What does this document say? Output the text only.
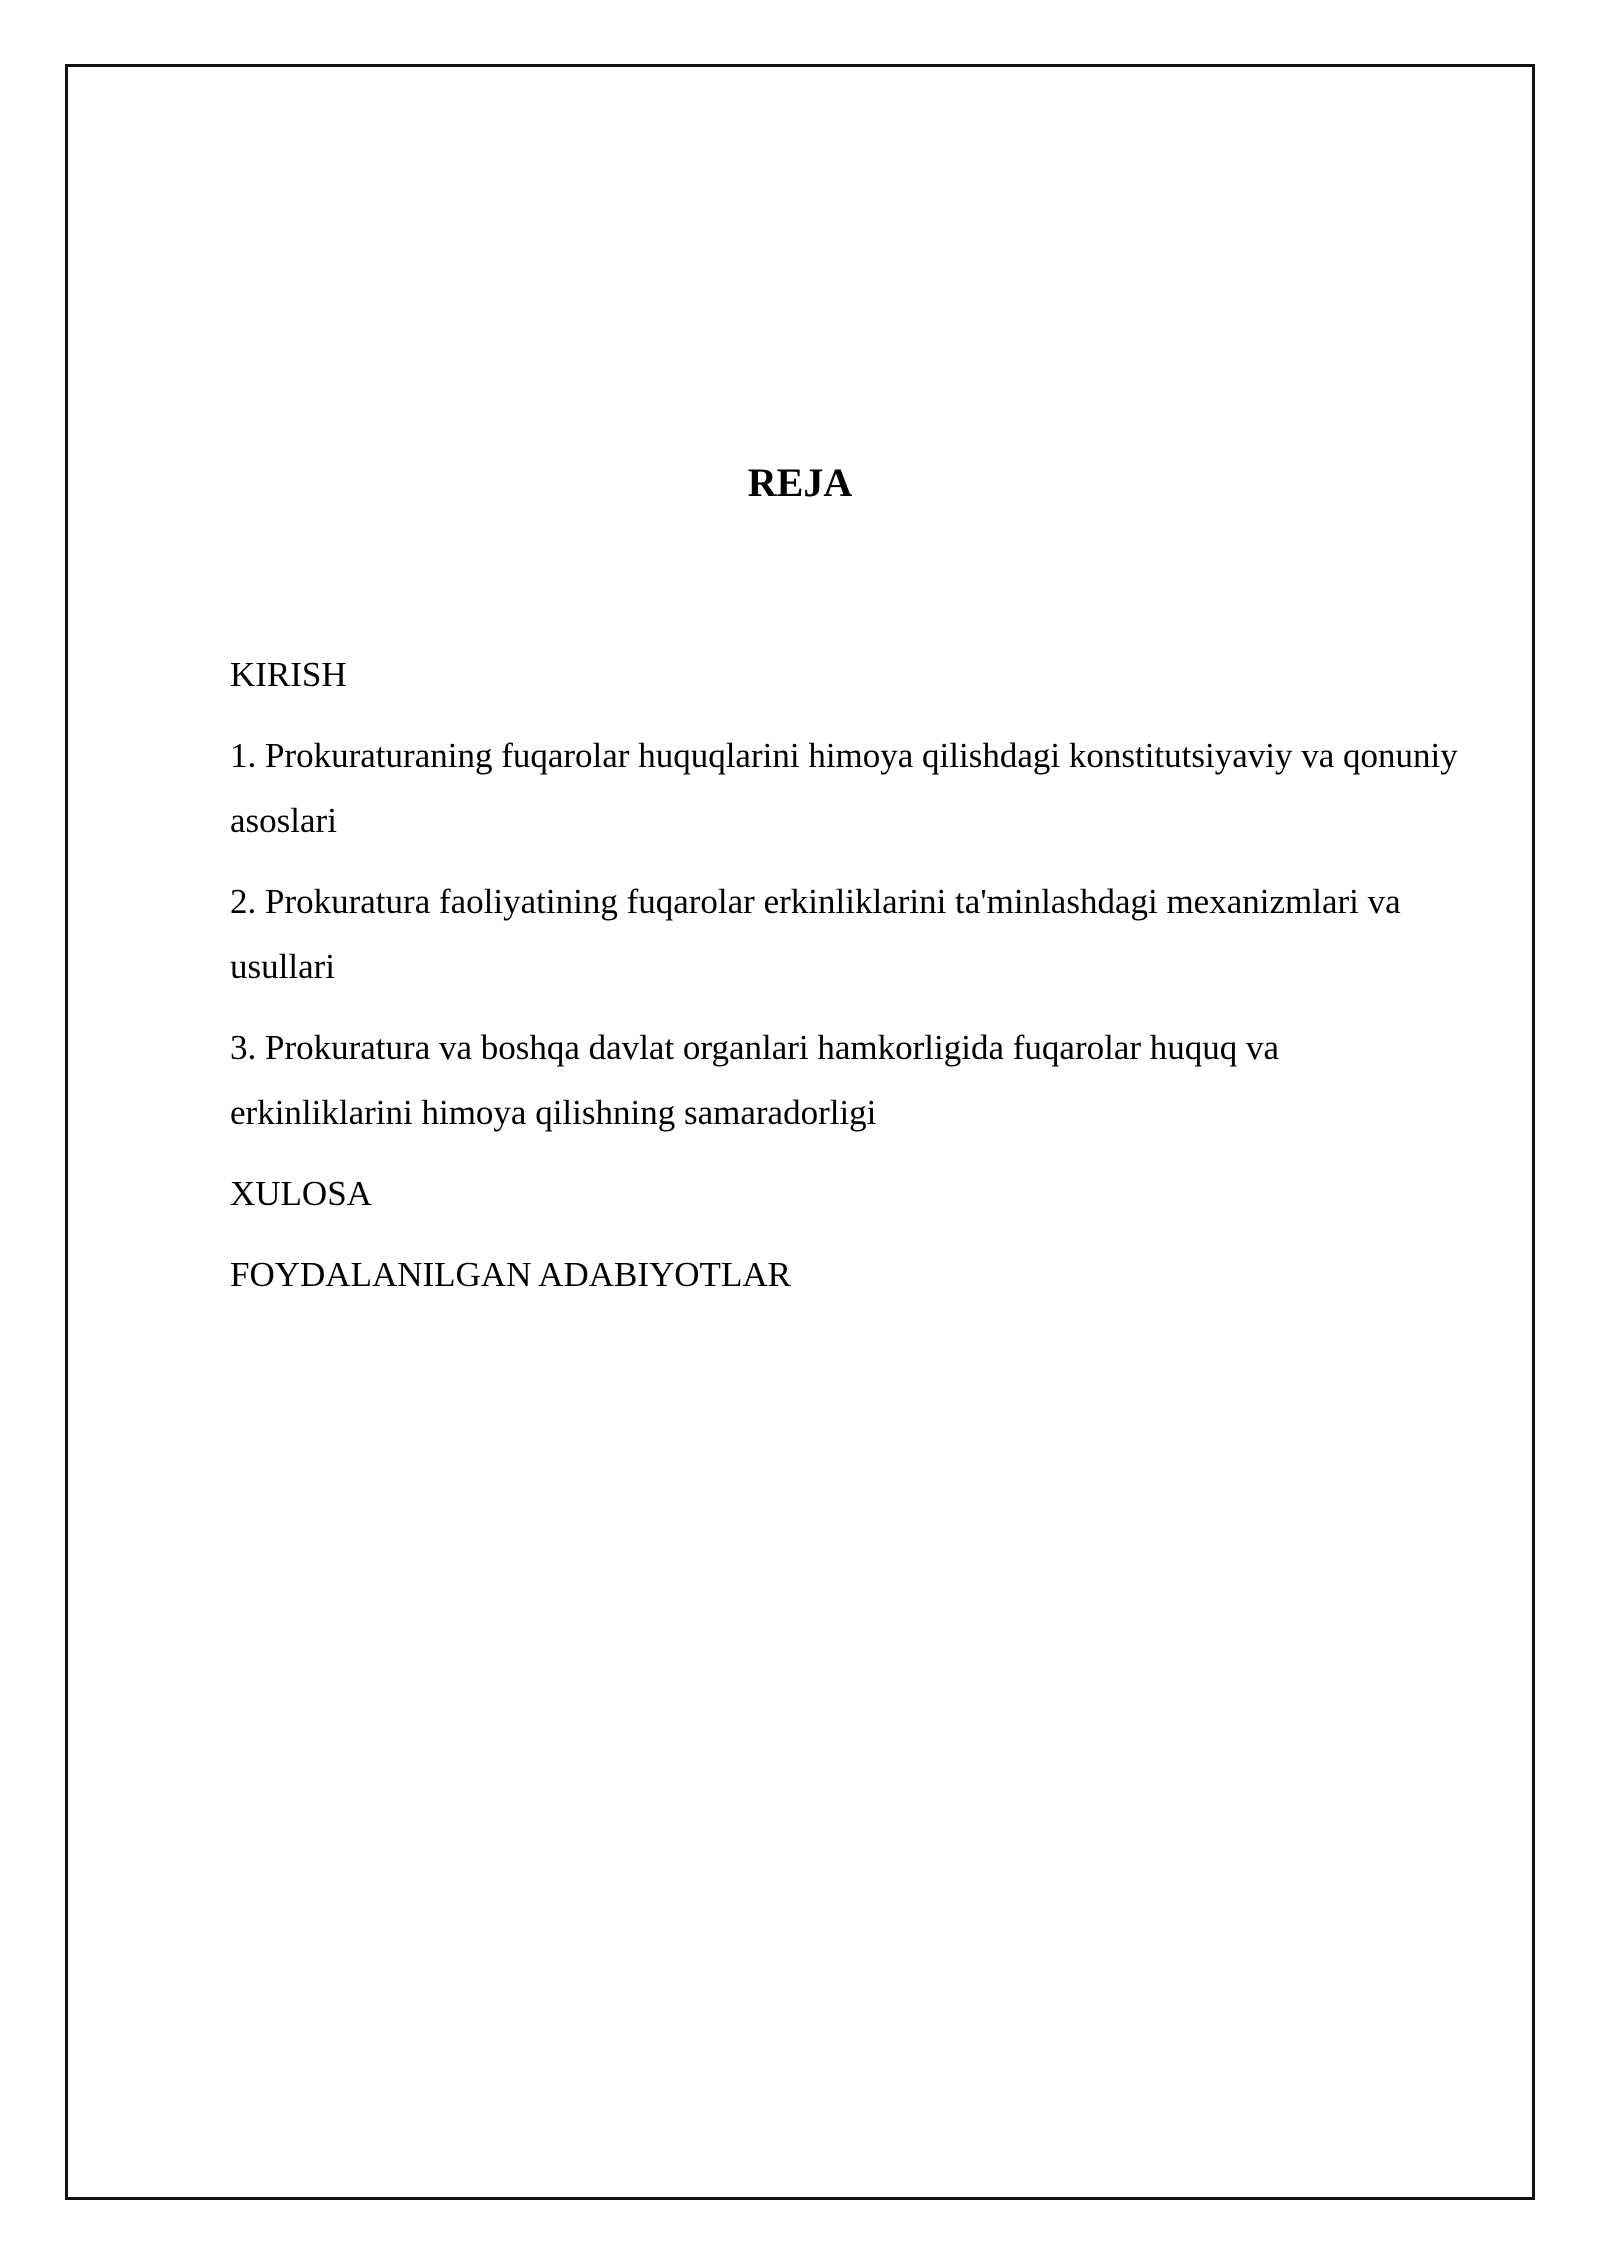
REJA

KIRISH

1. Prokuraturaning fuqarolar huquqlarini himoya qilishdagi konstitutsiyaviy va qonuniy asoslari

2. Prokuratura faoliyatining fuqarolar erkinliklarini ta'minlashdagi mexanizmlari va usullari

3. Prokuratura va boshqa davlat organlari hamkorligida fuqarolar huquq va erkinliklarini himoya qilishning samaradorligi

XULOSA

FOYDALANILGAN ADABIYOTLAR
